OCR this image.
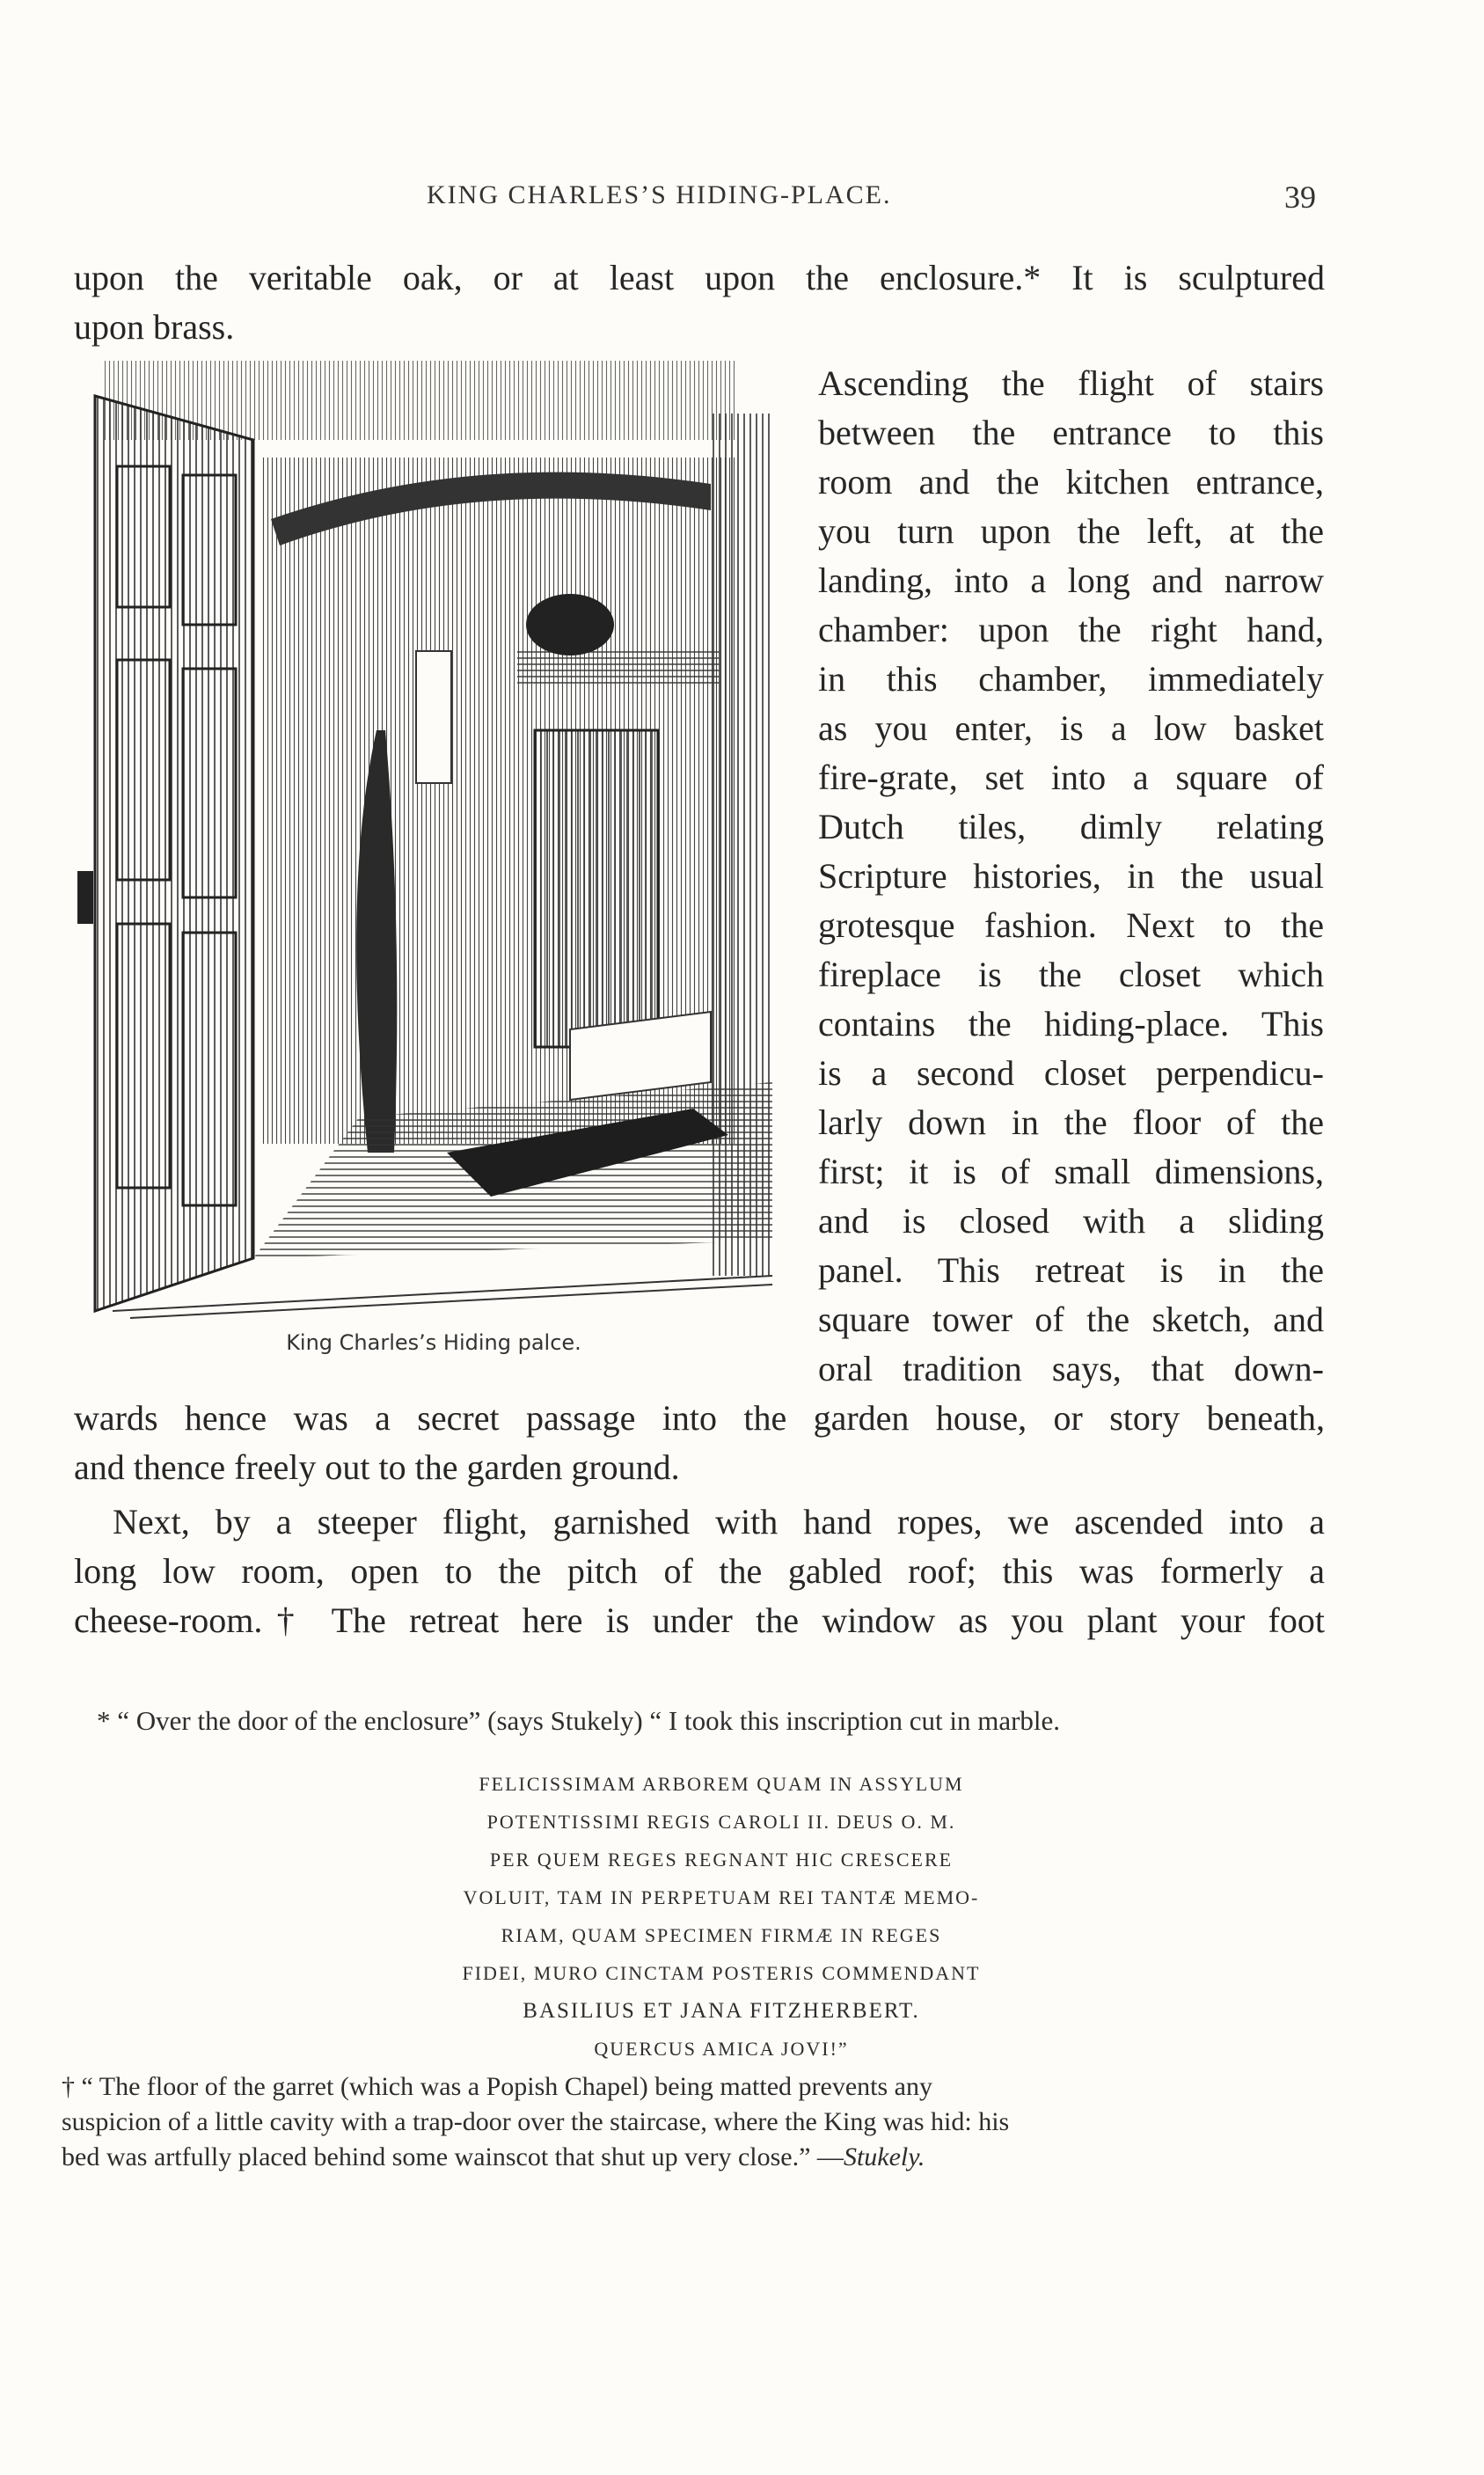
KING CHARLES’S HIDING-PLACE.	39
upon the veritable oak, or at least upon the enclosure.* It is sculptured
upon brass.
Ascending the flight of stairs
between the entrance to this
room and the kitchen entrance,
you turn upon the left, at the
landing, into a long and narrow
chamber: upon the right hand,
in this chamber, immediately
as you enter, is a low basket
fire-grate, set into a square of
Dutch tiles, dimly relating
Scripture histories, in the usual
grotesque fashion. Next to the
fireplace is the closet which
contains the hiding-place. This
is a second closet perpendicu-
larly down in the floor of the
first; it is of small dimensions,
and is closed with a sliding
panel. This retreat is in the
square tower of the sketch, and
oral tradition says, that down-
wards hence was a secret passage into the garden house, or story beneath,
and thence freely out to the garden ground.
Next, by a steeper flight, garnished with hand ropes, we ascended into a
long low room, open to the pitch of the gabled roof; this was formerly a
cheese-room.† The retreat here is under the window as you plant your foot
King Charles’s Hiding palce.
* “ Over the door of the enclosure” (says Stukely) “ I took this inscription cut in marble.
FELICISSIMAM ARBOREM QUAM IN ASSYLUM
POTENTISSIMI REGIS CAROLI II. DEUS O. M.
PER QUEM REGES REGNANT HIC CRESCERE
VOLUIT, TAM IN PERPETUAM REI TANTÆ MEMO-
RIAM, QUAM SPECIMEN FIRMÆ IN REGES
FIDEI, MURO CINCTAM POSTERIS COMMENDANT
BASILIUS ET JANA FITZHERBERT.
QUERCUS AMICA JOVI!”
† “ The floor of the garret (which was a Popish Chapel) being matted prevents any
suspicion of a little cavity with a trap-door over the staircase, where the King was hid: his
bed was artfully placed behind some wainscot that shut up very close.” —Stukely.
